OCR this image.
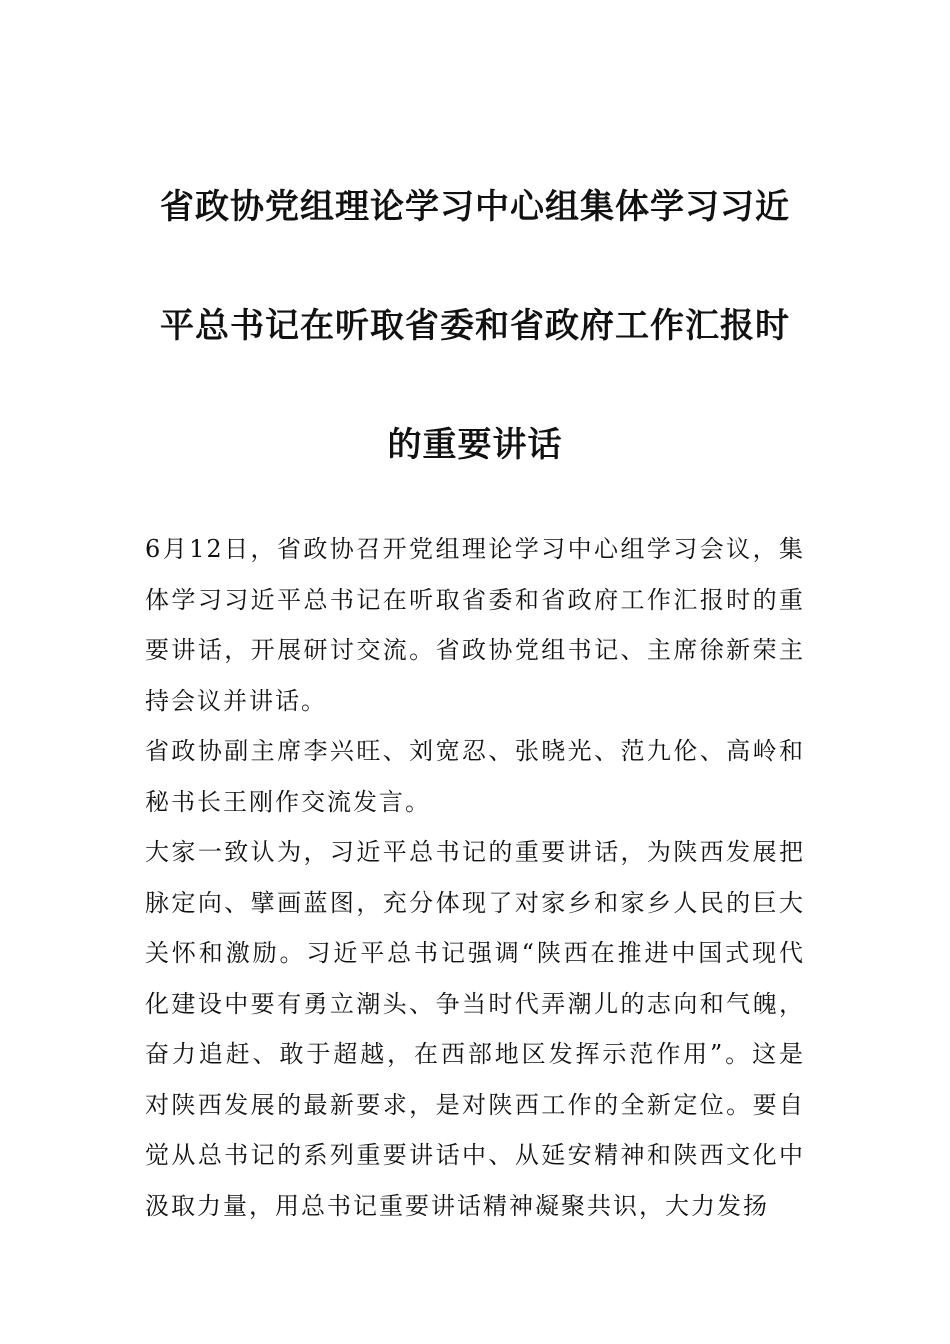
省政协党组理论学习中心组集体学习习近
平总书记在听取省委和省政府工作汇报时
的重要讲话

6月12日，省政协召开党组理论学习中心组学习会议，集体学习习近平总书记在听取省委和省政府工作汇报时的重要讲话，开展研讨交流。省政协党组书记、主席徐新荣主持会议并讲话。

省政协副主席李兴旺、刘宽忍、张晓光、范九伦、高岭和秘书长王刚作交流发言。

大家一致认为，习近平总书记的重要讲话，为陕西发展把脉定向、擘画蓝图，充分体现了对家乡和家乡人民的巨大关怀和激励。习近平总书记强调“陕西在推进中国式现代化建设中要有勇立潮头、争当时代弄潮儿的志向和气魄，奋力追赶、敢于超越，在西部地区发挥示范作用”。这是对陕西发展的最新要求，是对陕西工作的全新定位。要自觉从总书记的系列重要讲话中、从延安精神和陕西文化中汲取力量，用总书记重要讲话精神凝聚共识，大力发扬
